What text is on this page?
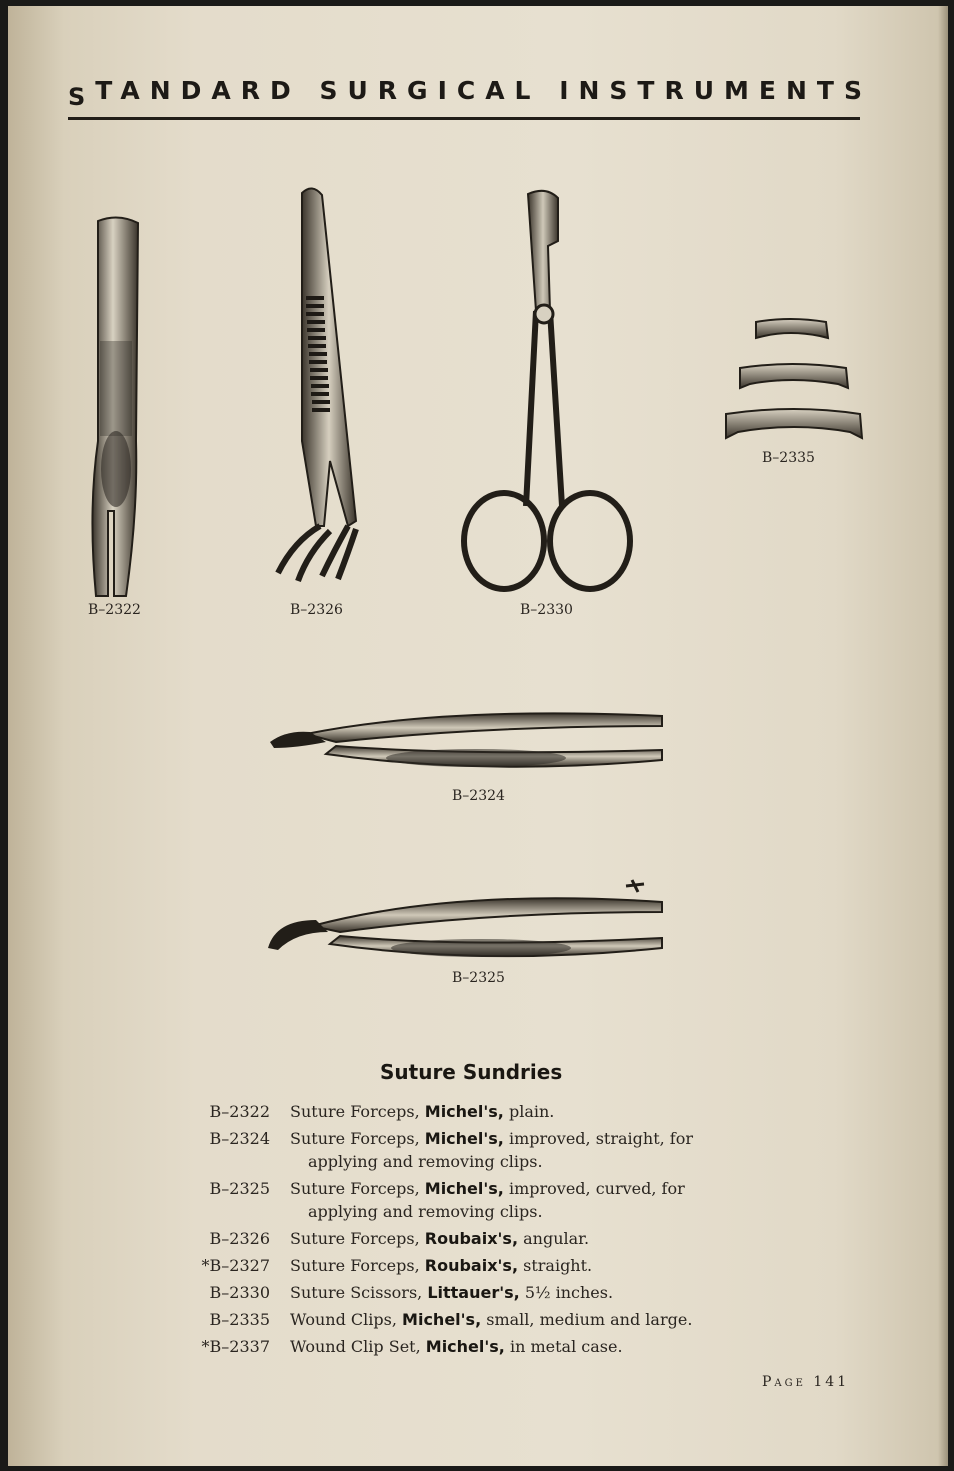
STANDARD SURGICAL INSTRUMENTS
B–2322	B–2326	B–2330
B–2335
B–2324
B–2325
Suture Sundries
B–2322	Suture Forceps, Michel's, plain.
B–2324	Suture Forceps, Michel's, improved, straight, for
applying and removing clips.
B–2325	Suture Forceps, Michel's, improved, curved, for
applying and removing clips.
B–2326	Suture Forceps, Roubaix's, angular.
*B–2327	Suture Forceps, Roubaix's, straight.
B–2330	Suture Scissors, Littauer's, 5½ inches.
B–2335	Wound Clips, Michel's, small, medium and large.
*B–2337	Wound Clip Set, Michel's, in metal case.
PAGE 141
